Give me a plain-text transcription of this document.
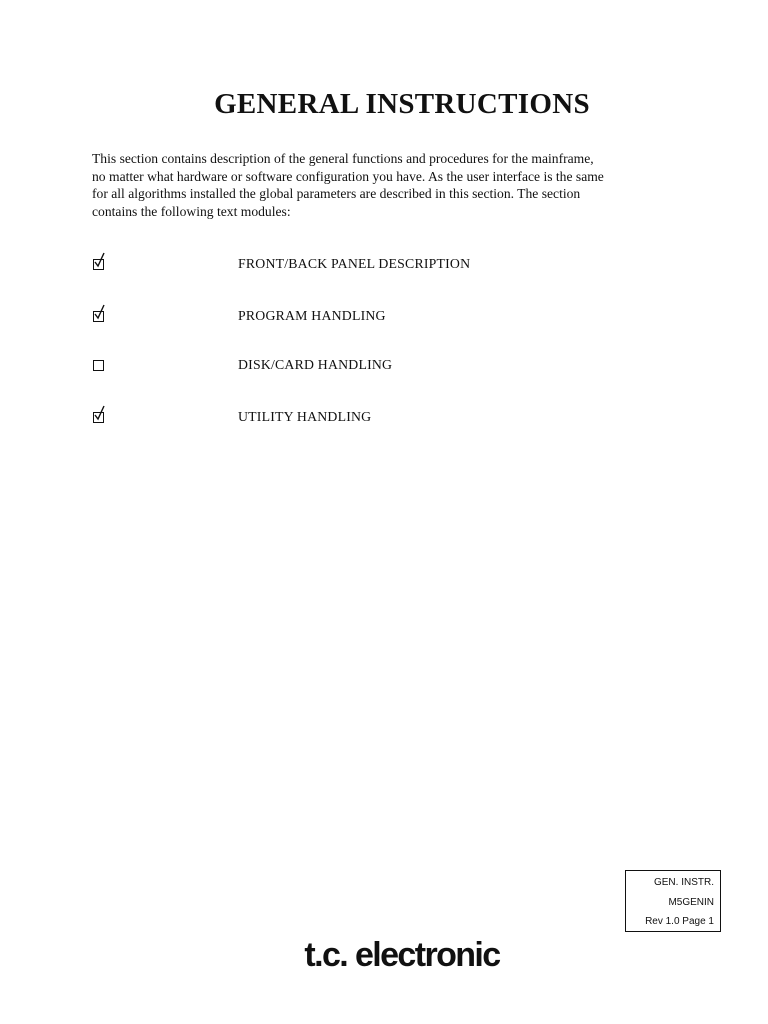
GENERAL INSTRUCTIONS

This section contains description of the general functions and procedures for the mainframe,
no matter what hardware or software configuration you have. As the user interface is the same
for all algorithms installed the global parameters are described in this section. The section
contains the following text modules:

FRONT/BACK PANEL DESCRIPTION
PROGRAM HANDLING
DISK/CARD HANDLING
UTILITY HANDLING
GEN. INSTR.
M5GENIN
Rev 1.0 Page 1
t.c. electronic
